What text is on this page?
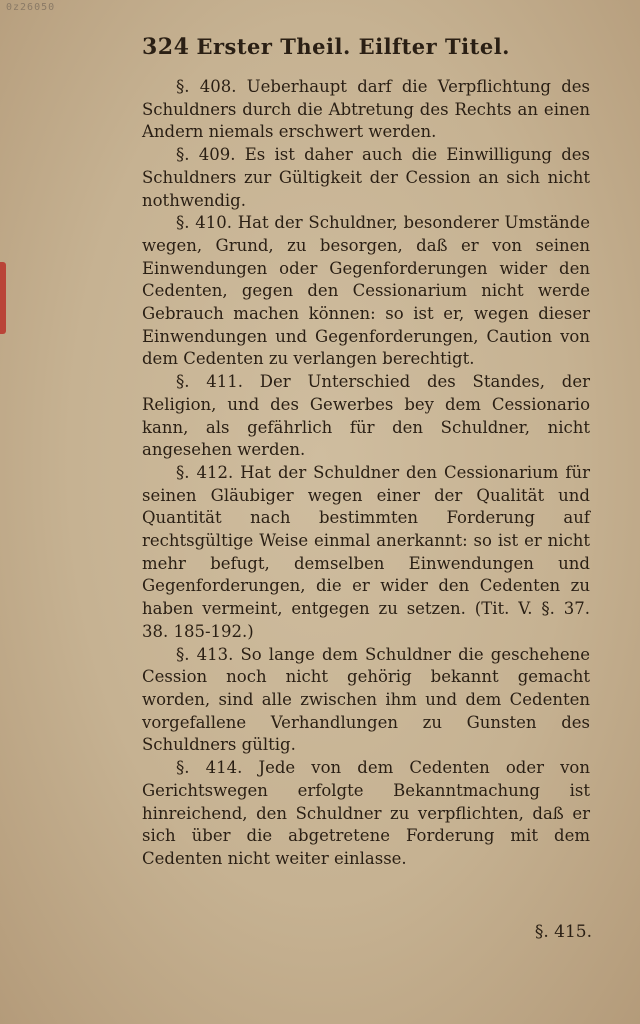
0z26050
324 Erster Theil. Eilfter Titel.

§. 408. Ueberhaupt darf die Verpflichtung des Schuldners durch die Abtretung des Rechts an einen Andern niemals erschwert werden.

§. 409. Es ist daher auch die Einwilligung des Schuldners zur Gültigkeit der Cession an sich nicht nothwendig.

§. 410. Hat der Schuldner, besonderer Umstände wegen, Grund, zu besorgen, daß er von seinen Einwendungen oder Gegenforderungen wider den Cedenten, gegen den Cessionarium nicht werde Gebrauch machen können: so ist er, wegen dieser Einwendungen und Gegenforderungen, Caution von dem Cedenten zu verlangen berechtigt.

§. 411. Der Unterschied des Standes, der Religion, und des Gewerbes bey dem Cessionario kann, als gefährlich für den Schuldner, nicht angesehen werden.

§. 412. Hat der Schuldner den Cessionarium für seinen Gläubiger wegen einer der Qualität und Quantität nach bestimmten Forderung auf rechtsgültige Weise einmal anerkannt: so ist er nicht mehr befugt, demselben Einwendungen und Gegenforderungen, die er wider den Cedenten zu haben vermeint, entgegen zu setzen. (Tit. V. §. 37. 38. 185-192.)

§. 413. So lange dem Schuldner die geschehene Cession noch nicht gehörig bekannt gemacht worden, sind alle zwischen ihm und dem Cedenten vorgefallene Verhandlungen zu Gunsten des Schuldners gültig.

§. 414. Jede von dem Cedenten oder von Gerichtswegen erfolgte Bekanntmachung ist hinreichend, den Schuldner zu verpflichten, daß er sich über die abgetretene Forderung mit dem Cedenten nicht weiter einlasse.

§. 415.
